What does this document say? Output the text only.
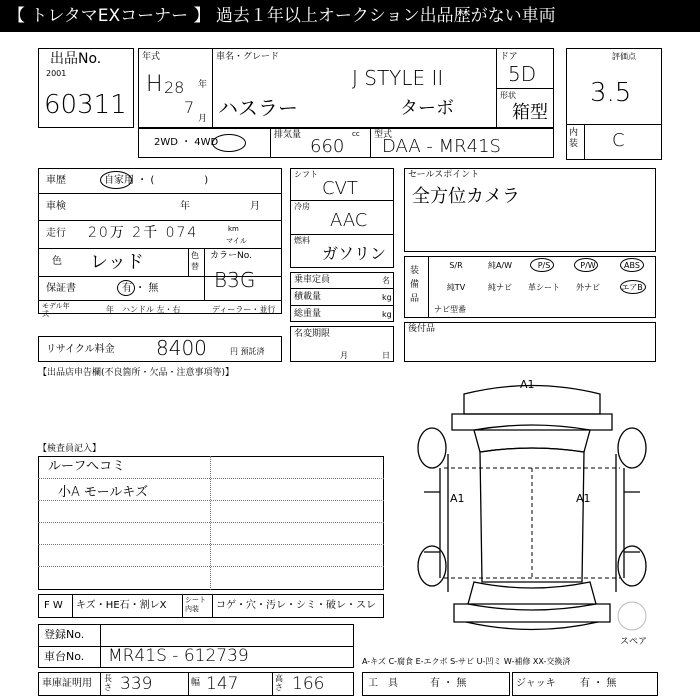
【 トレタマEXコーナー 】 過去１年以上オークション出品歴がない車両
出品No.
2001
60311
年式
H 28 年
7
月
車名・グレード
J STYLE II
ハスラー	ターボ
ドア
5D
形状
箱型
評価点
3.5
内装 C
2WD ・ 4WD
排気量	cc
660
型式
DAA - MR41S
車歴	自家用 ・ (　　　　　)
車検	年	月
走行 20万 2千 074	km
マイル
色 レッド	色替
カラーNo.
B3G
保証書	有 ・ 無
モデル年式	年 ハンドル 左・右	ディーラー・並行
リサイクル料金 8400	円 預託済
シフト
CVT
冷房
AAC
燃料
ガソリン
乗車定員	名
積載量	kg
総重量	kg
名変期限
月	日
セールスポイント
全方位カメラ
装備品
S/R	純A/W	P/S	P/W	ABS
純TV	純ナビ	革シート	外ナビ	エアB
ナビ型番
後付品
【出品店申告欄(不良箇所・欠品・注意事項等)】
【検査員記入】
ルーフへコミ
小A モールキズ
A1
A1	A1
スペア
F W キズ・HE石・割レX	シート内装	コゲ・穴・汚レ・シミ・破レ・スレ
登録No.
車台No. MR41S - 612739	A-キズ C-腐食 E-エクボ S-サビ U-凹ミ W-補修 XX-交換済
車庫証明用 長さ 339	幅 147	高さ 166	工　具	有 ・ 無	ジャッキ 有 ・ 無
